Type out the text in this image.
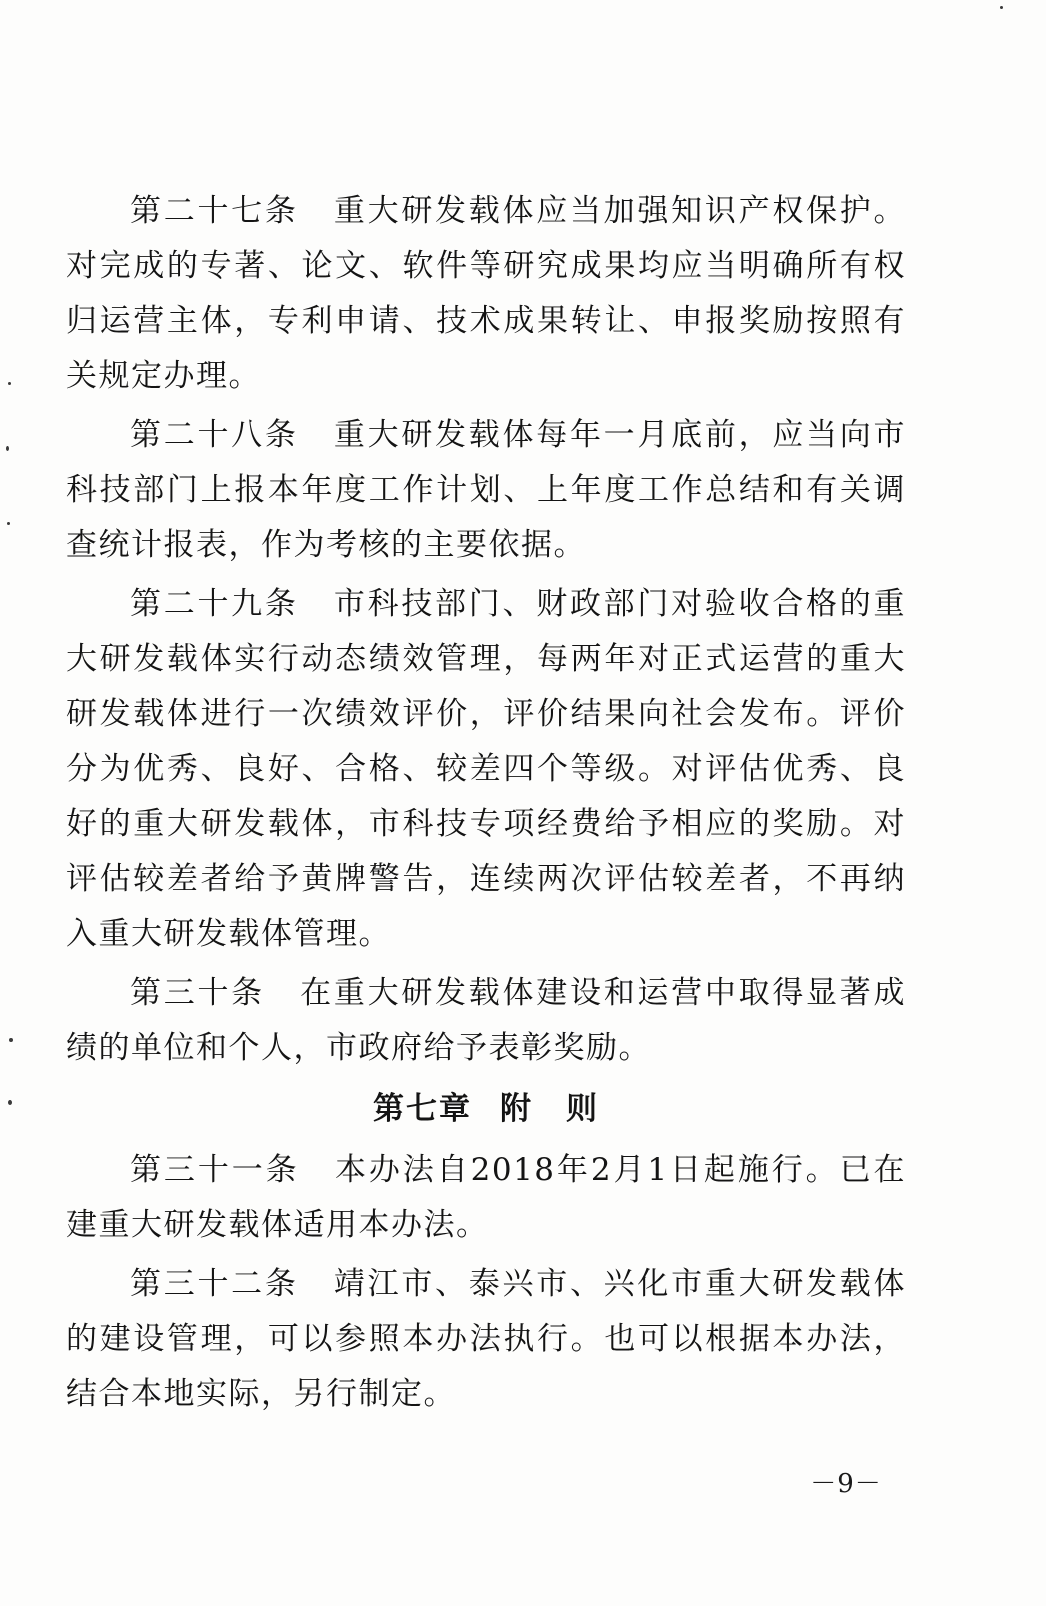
第二十七条 重大研发载体应当加强知识产权保护。对完成的专著、论文、软件等研究成果均应当明确所有权归运营主体，专利申请、技术成果转让、申报奖励按照有关规定办理。

第二十八条 重大研发载体每年一月底前，应当向市科技部门上报本年度工作计划、上年度工作总结和有关调查统计报表，作为考核的主要依据。

第二十九条 市科技部门、财政部门对验收合格的重大研发载体实行动态绩效管理，每两年对正式运营的重大研发载体进行一次绩效评价，评价结果向社会发布。评价分为优秀、良好、合格、较差四个等级。对评估优秀、良好的重大研发载体，市科技专项经费给予相应的奖励。对评估较差者给予黄牌警告，连续两次评估较差者，不再纳入重大研发载体管理。

第三十条 在重大研发载体建设和运营中取得显著成绩的单位和个人，市政府给予表彰奖励。

第七章 附　则

第三十一条 本办法自2018年2月1日起施行。已在建重大研发载体适用本办法。

第三十二条 靖江市、泰兴市、兴化市重大研发载体的建设管理，可以参照本办法执行。也可以根据本办法，结合本地实际，另行制定。

－9－
